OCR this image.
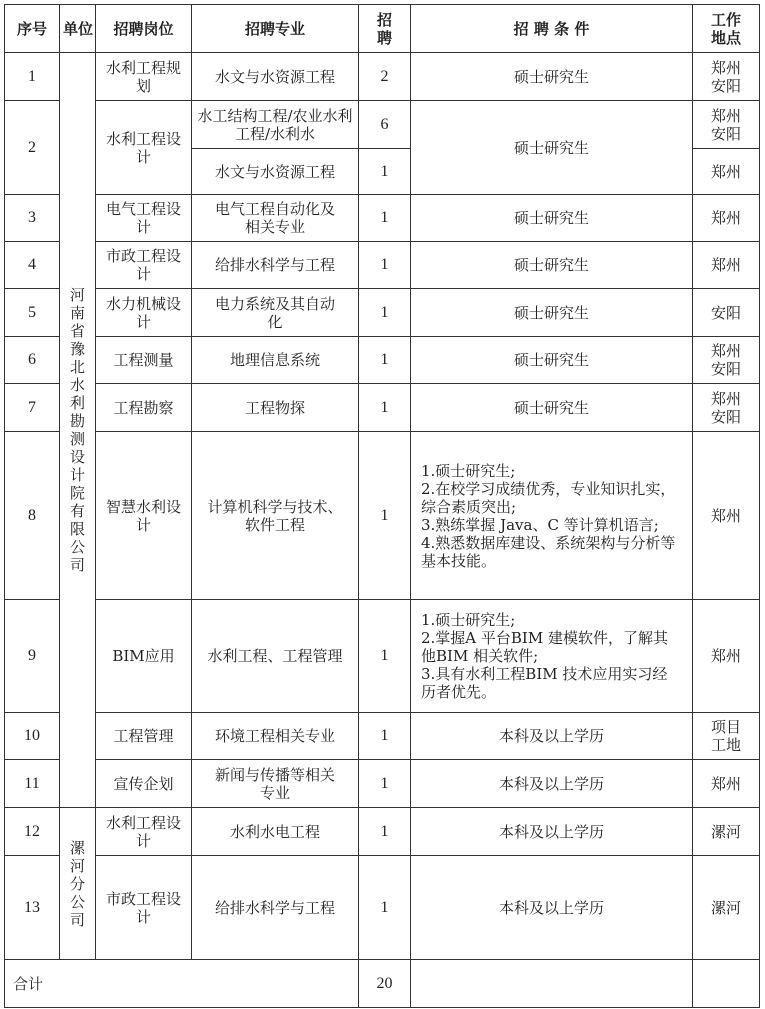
序号	单位	招聘岗位	招聘专业	招聘	招 聘 条 件	工作地点

1	河南省豫北水利勘测设计院有限公司	水利工程规划	水文与水资源工程	2	硕士研究生	郑州安阳

2		水利工程设计	水工结构工程/农业水利工程/水利水	6	硕士研究生	郑州安阳

			水文与水资源工程	1		郑州
3		电气工程设计	电气工程自动化及相关专业	1	硕士研究生	郑州
4		市政工程设计	给排水科学与工程	1	硕士研究生	郑州
5		水力机械设计	电力系统及其自动化	1	硕士研究生	安阳
6		工程测量	地理信息系统	1	硕士研究生	郑州安阳

7		工程勘察	工程物探	1	硕士研究生	郑州安阳

8		智慧水利设计	计算机科学与技术、软件工程	1	1.硕士研究生;
2.在校学习成绩优秀，专业知识扎实，综合素质突出;
3.熟练掌握 Java、C 等计算机语言;
4.熟悉数据库建设、系统架构与分析等基本技能。	郑州
9		BIM应用	水利工程、工程管理	1	1.硕士研究生;
2.掌握A 平台BIM 建模软件，了解其他BIM 相关软件;
3.具有水利工程BIM 技术应用实习经历者优先。	郑州
10		工程管理	环境工程相关专业	1	本科及以上学历	项目工地

11		宣传企划	新闻与传播等相关专业	1	本科及以上学历	郑州
12	漯河分公司	水利工程设计	水利水电工程	1	本科及以上学历	漯河
13		市政工程设计	给排水科学与工程	1	本科及以上学历	漯河
合计				20		
